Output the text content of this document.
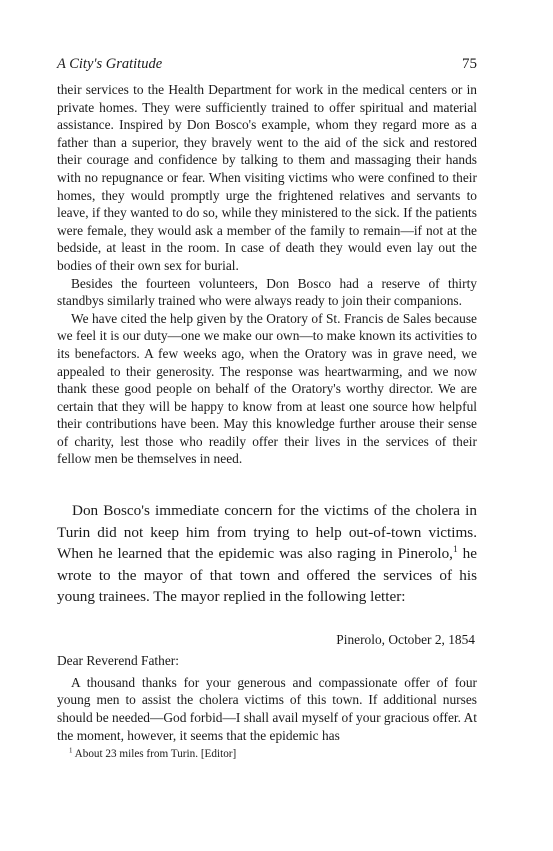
A City's Gratitude	75

their services to the Health Department for work in the medical centers or in private homes. They were sufficiently trained to offer spiritual and material assistance. Inspired by Don Bosco's example, whom they regard more as a father than a superior, they bravely went to the aid of the sick and restored their courage and confidence by talking to them and massaging their hands with no repugnance or fear. When visiting victims who were confined to their homes, they would promptly urge the frightened relatives and servants to leave, if they wanted to do so, while they ministered to the sick. If the patients were female, they would ask a member of the family to remain—if not at the bedside, at least in the room. In case of death they would even lay out the bodies of their own sex for burial.

Besides the fourteen volunteers, Don Bosco had a reserve of thirty standbys similarly trained who were always ready to join their companions.

We have cited the help given by the Oratory of St. Francis de Sales because we feel it is our duty—one we make our own—to make known its activities to its benefactors. A few weeks ago, when the Oratory was in grave need, we appealed to their generosity. The response was heartwarming, and we now thank these good people on behalf of the Oratory's worthy director. We are certain that they will be happy to know from at least one source how helpful their contributions have been. May this knowledge further arouse their sense of charity, lest those who readily offer their lives in the services of their fellow men be themselves in need.

Don Bosco's immediate concern for the victims of the cholera in Turin did not keep him from trying to help out-of-town victims. When he learned that the epidemic was also raging in Pinerolo,$^1$ he wrote to the mayor of that town and offered the services of his young trainees. The mayor replied in the following letter:

Pinerolo, October 2, 1854

Dear Reverend Father:

A thousand thanks for your generous and compassionate offer of four young men to assist the cholera victims of this town. If additional nurses should be needed—God forbid—I shall avail myself of your gracious offer. At the moment, however, it seems that the epidemic has

$^1$ About 23 miles from Turin. [Editor]
